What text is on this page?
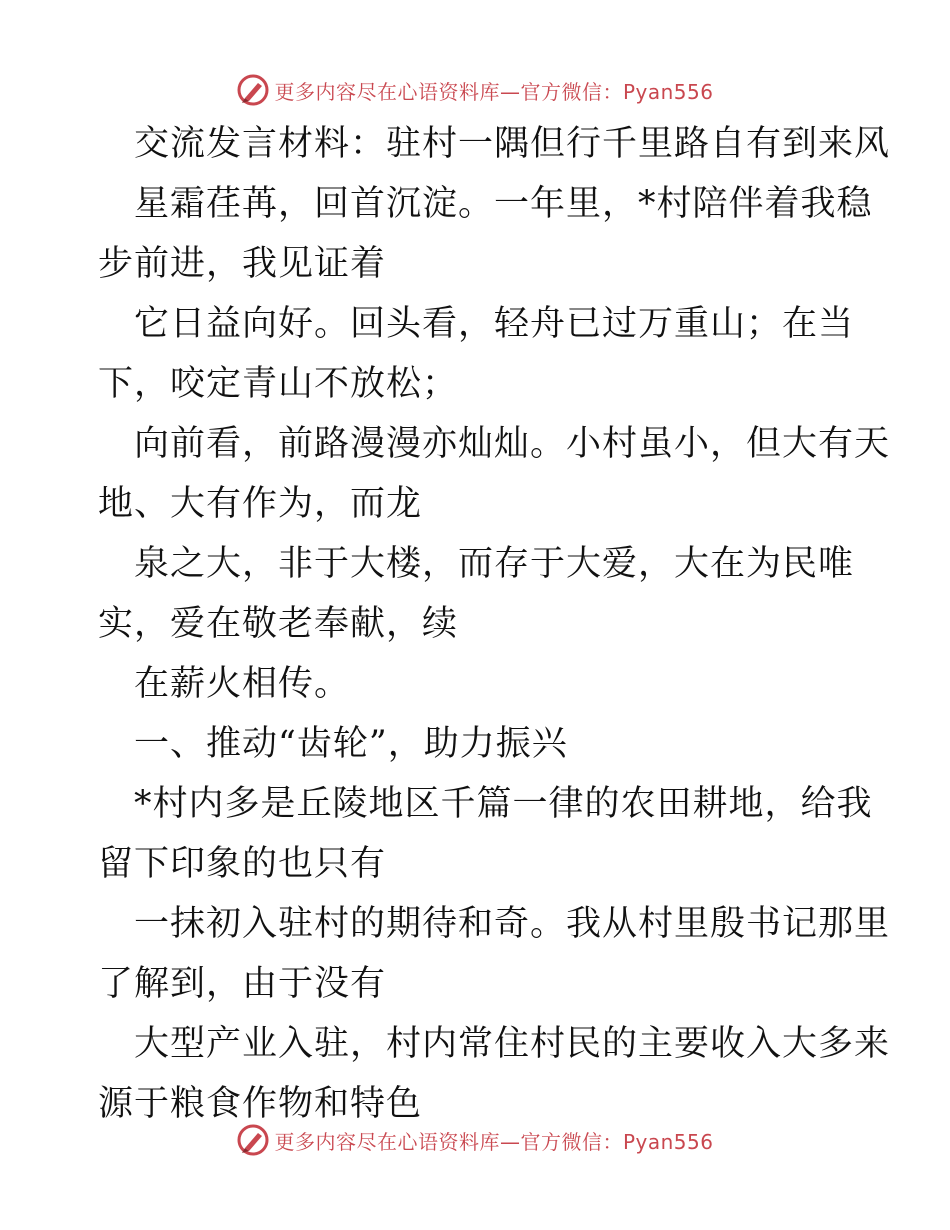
更多内容尽在心语资料库—官方微信：Pyan556
交流发言材料：驻村一隅但行千里路自有到来风
星霜荏苒，回首沉淀。一年里，*村陪伴着我稳
步前进，我见证着
它日益向好。回头看，轻舟已过万重山；在当
下，咬定青山不放松；
向前看，前路漫漫亦灿灿。小村虽小，但大有天
地、大有作为，而龙
泉之大，非于大楼，而存于大爱，大在为民唯
实，爱在敬老奉献，续
在薪火相传。
一、推动“齿轮”，助力振兴
*村内多是丘陵地区千篇一律的农田耕地，给我
留下印象的也只有
一抹初入驻村的期待和奇。我从村里殷书记那里
了解到，由于没有
大型产业入驻，村内常住村民的主要收入大多来
源于粮食作物和特色
更多内容尽在心语资料库—官方微信：Pyan556
